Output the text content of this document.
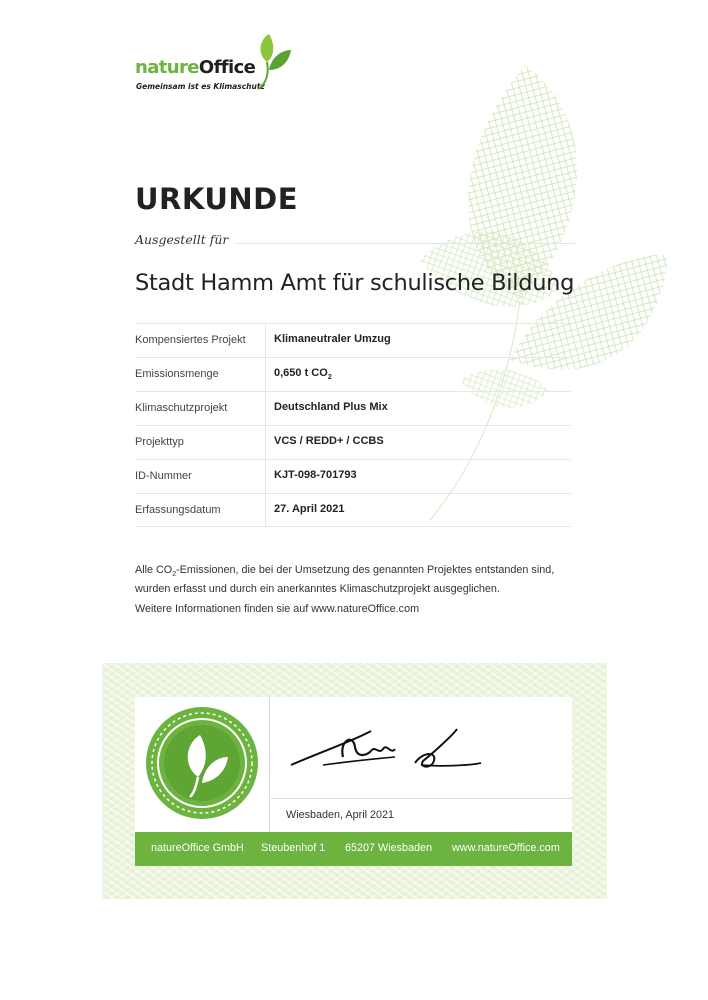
natureOffice
Gemeinsam ist es Klimaschutz
URKUNDE
Ausgestellt für
Stadt Hamm Amt für schulische Bildung
Kompensiertes Projekt	Klimaneutraler Umzug
Emissionsmenge	0,650 t $CO_2$
Klimaschutzprojekt	Deutschland Plus Mix
Projekttyp	VCS / REDD+ / CCBS
ID-Nummer	KJT-098-701793
Erfassungsdatum	27. April 2021
Alle $CO_2$-Emissionen, die bei der Umsetzung des genannten Projektes entstanden sind, wurden erfasst und durch ein anerkanntes Klimaschutzprojekt ausgeglichen.
Weitere Informationen finden sie auf www.natureOffice.com
Wiesbaden, April 2021
natureOffice GmbH Steubenhof 1 65207 Wiesbaden www.natureOffice.com
